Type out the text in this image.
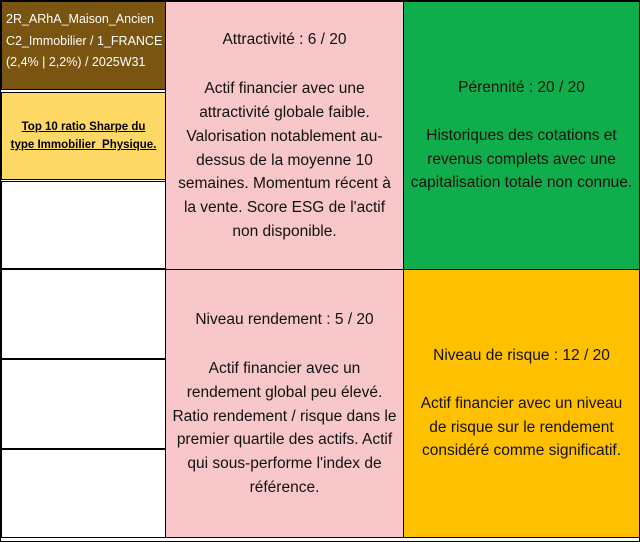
2R_ARhA_Maison_Ancien
C2_Immobilier / 1_FRANCE
(2,4% | 2,2%) / 2025W31
Top 10 ratio Sharpe du type Immobilier_Physique.
Attractivité : 6 / 20
Actif financier avec une attractivité globale faible. Valorisation notablement au-dessus de la moyenne 10 semaines. Momentum récent à la vente. Score ESG de l'actif non disponible.
Pérennité : 20 / 20
Historiques des cotations et revenus complets avec une capitalisation totale non connue.
Niveau rendement : 5 / 20
Actif financier avec un rendement global peu élevé. Ratio rendement / risque dans le premier quartile des actifs. Actif qui sous-performe l'index de référence.
Niveau de risque : 12 / 20
Actif financier avec un niveau de risque sur le rendement considéré comme significatif.
